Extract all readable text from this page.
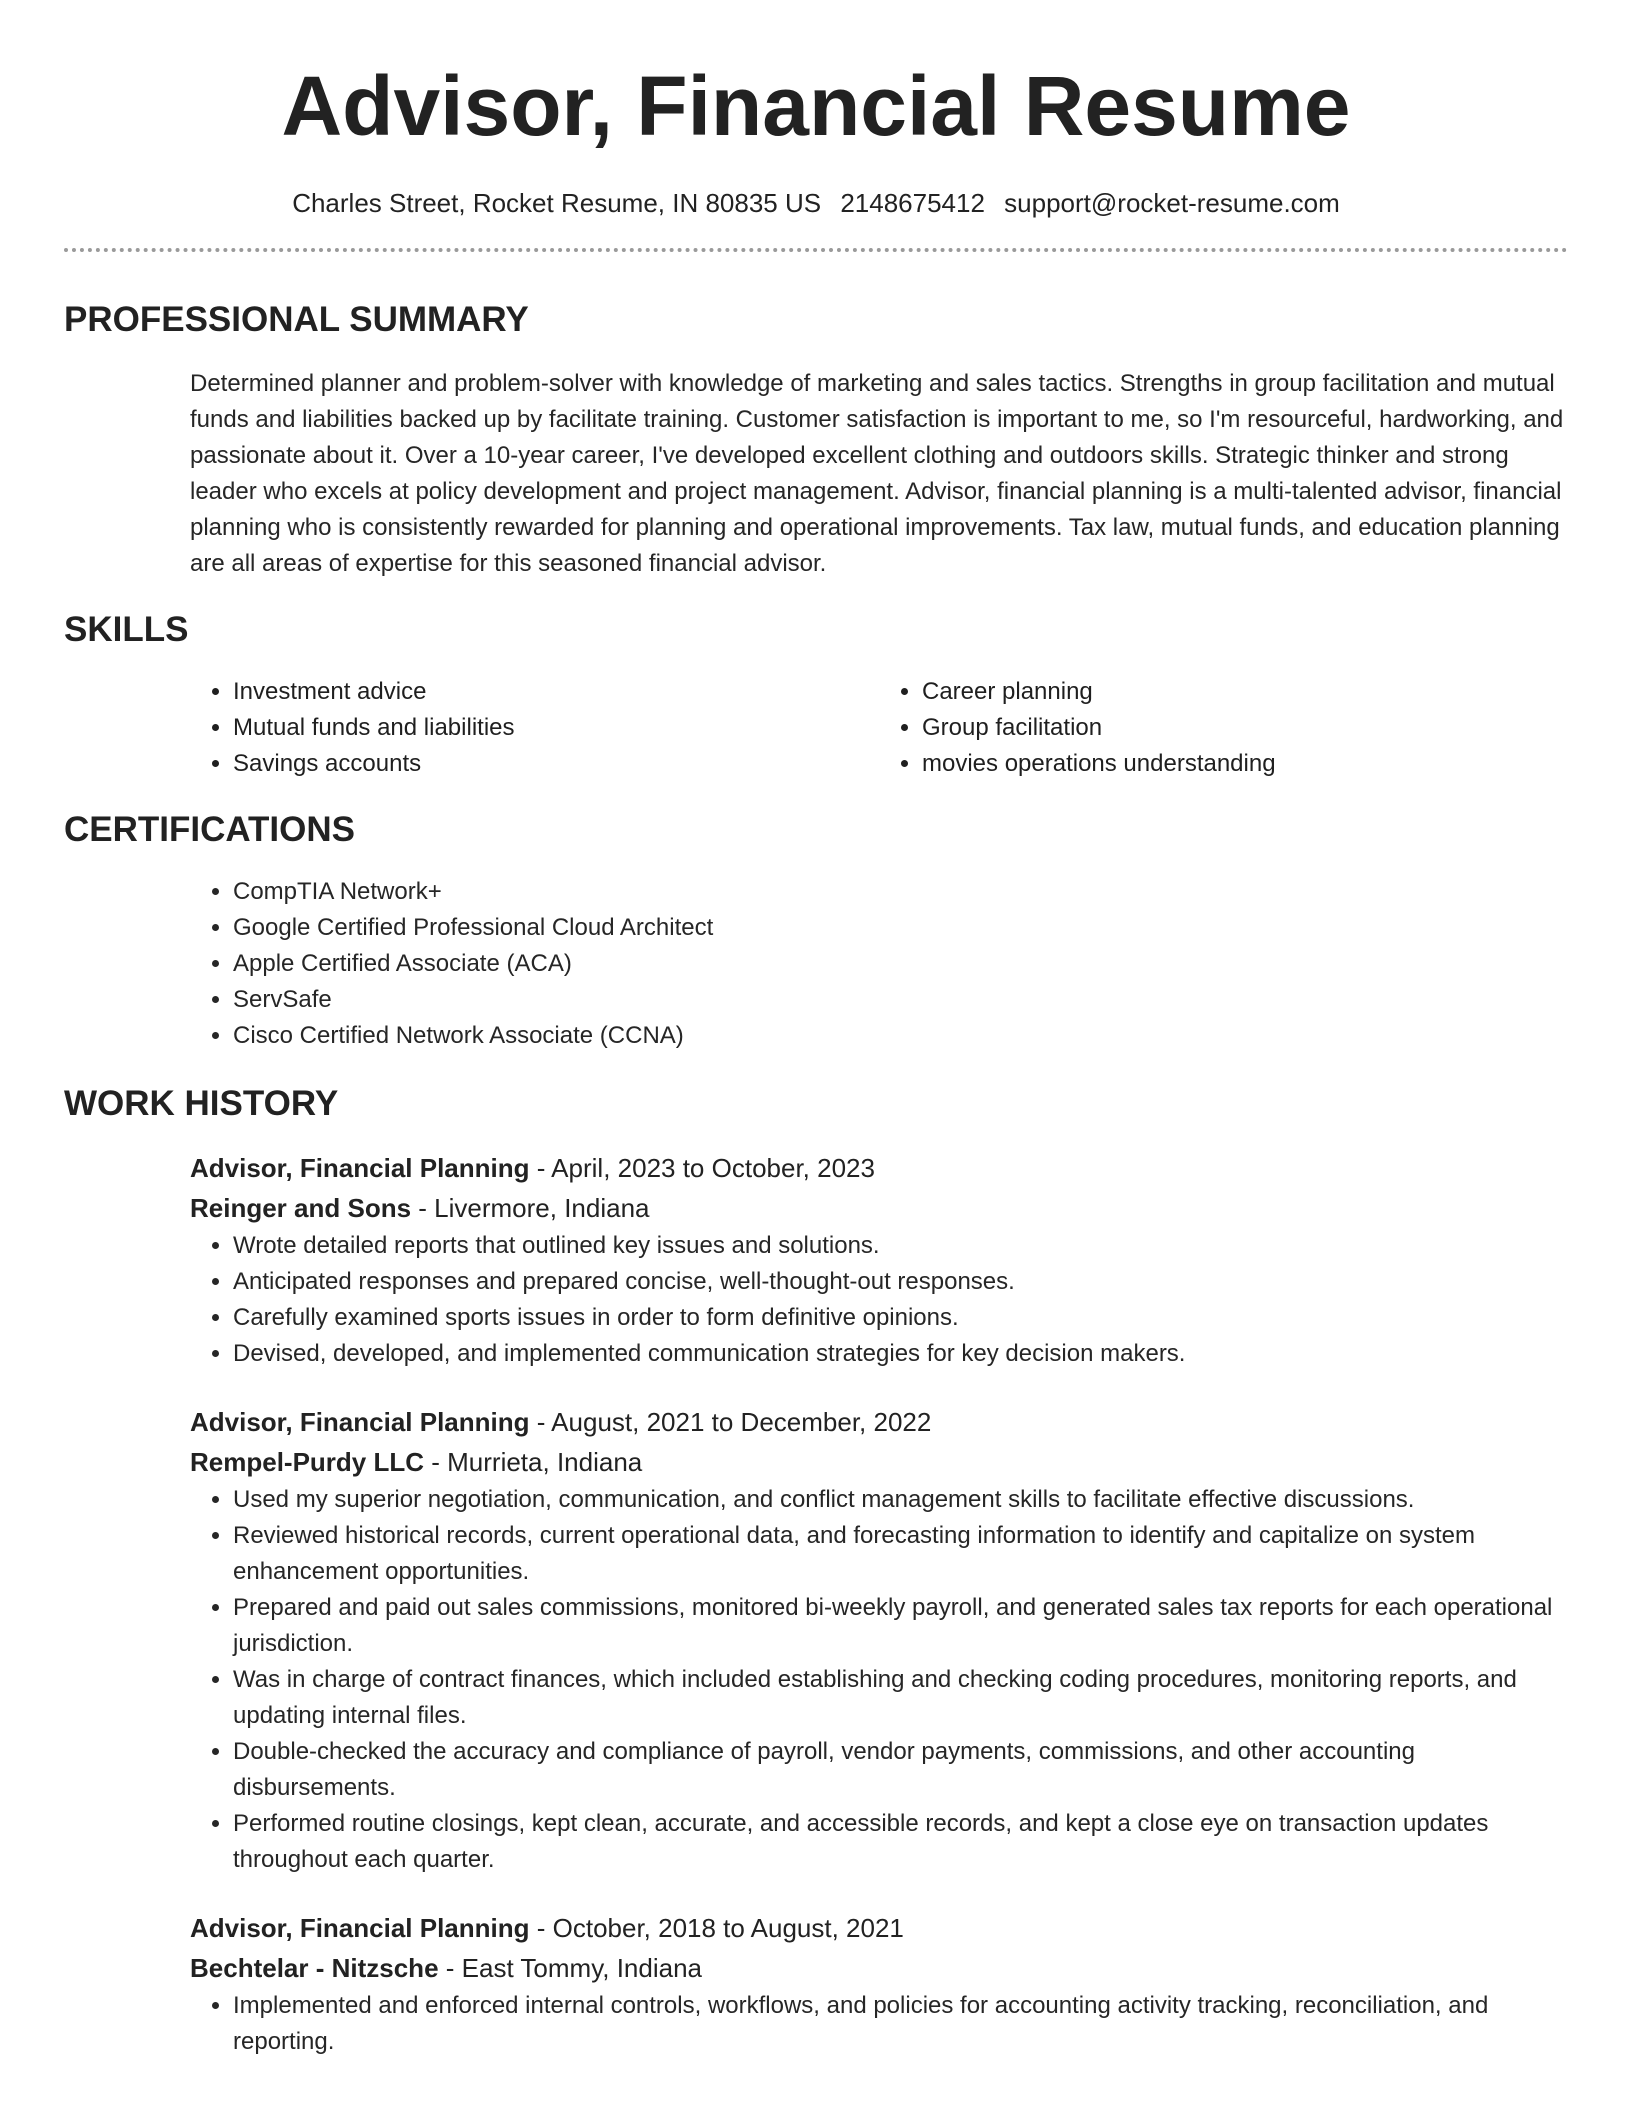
Advisor, Financial Resume
Charles Street, Rocket Resume, IN 80835 US 2148675412 support@rocket-resume.com
PROFESSIONAL SUMMARY

Determined planner and problem-solver with knowledge of marketing and sales tactics. Strengths in group facilitation and mutual funds and liabilities backed up by facilitate training. Customer satisfaction is important to me, so I'm resourceful, hardworking, and passionate about it. Over a 10-year career, I've developed excellent clothing and outdoors skills. Strategic thinker and strong leader who excels at policy development and project management. Advisor, financial planning is a multi-talented advisor, financial planning who is consistently rewarded for planning and operational improvements. Tax law, mutual funds, and education planning are all areas of expertise for this seasoned financial advisor.

SKILLS
• Investment advice
• Mutual funds and liabilities
• Savings accounts
• Career planning
• Group facilitation
• movies operations understanding
CERTIFICATIONS
• CompTIA Network+
• Google Certified Professional Cloud Architect
• Apple Certified Associate (ACA)
• ServSafe
• Cisco Certified Network Associate (CCNA)
WORK HISTORY
Advisor, Financial Planning - April, 2023 to October, 2023
Reinger and Sons - Livermore, Indiana
• Wrote detailed reports that outlined key issues and solutions.
• Anticipated responses and prepared concise, well-thought-out responses.
• Carefully examined sports issues in order to form definitive opinions.
• Devised, developed, and implemented communication strategies for key decision makers.
Advisor, Financial Planning - August, 2021 to December, 2022
Rempel-Purdy LLC - Murrieta, Indiana
• Used my superior negotiation, communication, and conflict management skills to facilitate effective discussions.
• Reviewed historical records, current operational data, and forecasting information to identify and capitalize on system enhancement opportunities.
• Prepared and paid out sales commissions, monitored bi-weekly payroll, and generated sales tax reports for each operational jurisdiction.
• Was in charge of contract finances, which included establishing and checking coding procedures, monitoring reports, and updating internal files.
• Double-checked the accuracy and compliance of payroll, vendor payments, commissions, and other accounting disbursements.
• Performed routine closings, kept clean, accurate, and accessible records, and kept a close eye on transaction updates throughout each quarter.
Advisor, Financial Planning - October, 2018 to August, 2021
Bechtelar - Nitzsche - East Tommy, Indiana
• Implemented and enforced internal controls, workflows, and policies for accounting activity tracking, reconciliation, and reporting.
